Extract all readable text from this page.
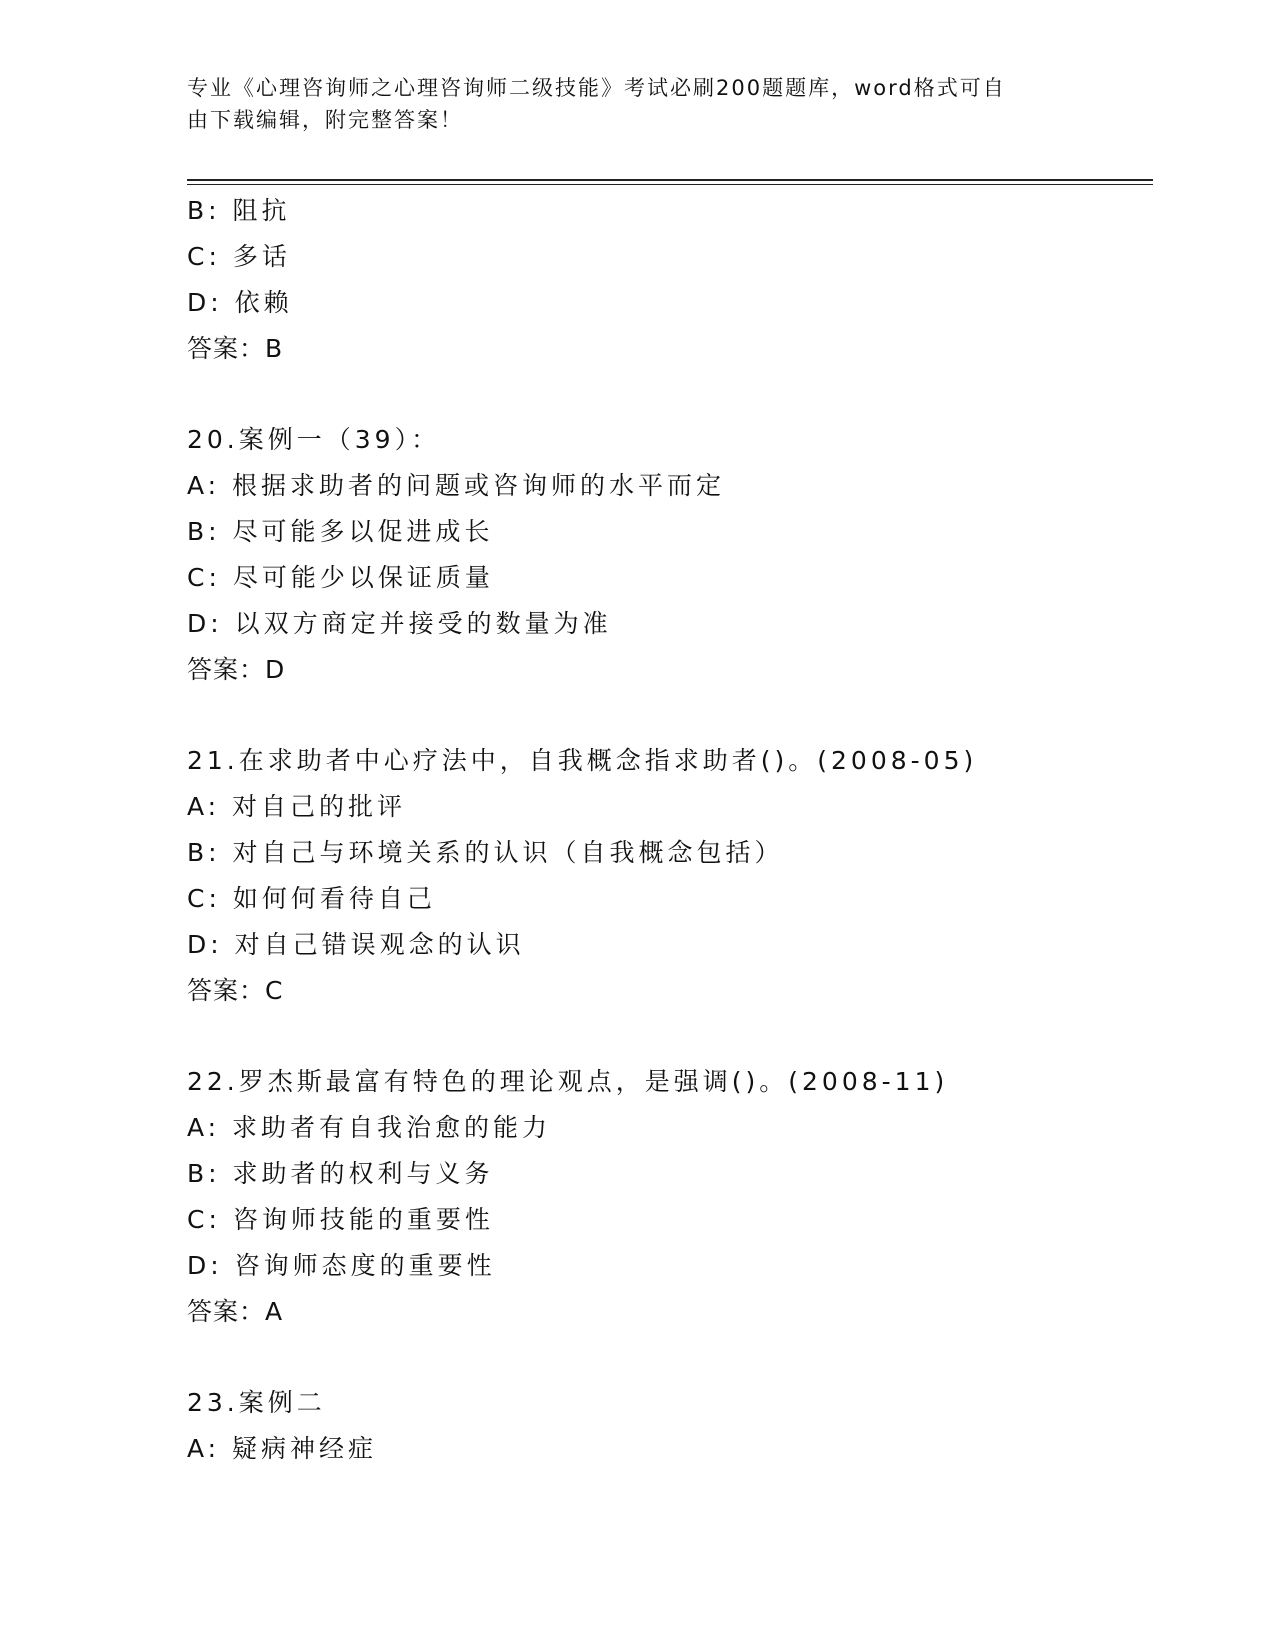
专业《心理咨询师之心理咨询师二级技能》考试必刷200题题库，word格式可自
由下载编辑，附完整答案！
B: 阻抗
C: 多话
D: 依赖
答案：B
20.案例一（39）：
A: 根据求助者的问题或咨询师的水平而定
B: 尽可能多以促进成长
C: 尽可能少以保证质量
D: 以双方商定并接受的数量为准
答案：D
21.在求助者中心疗法中，自我概念指求助者()。(2008-05)
A: 对自己的批评
B: 对自己与环境关系的认识（自我概念包括）
C: 如何何看待自己
D: 对自己错误观念的认识
答案：C
22.罗杰斯最富有特色的理论观点，是强调()。(2008-11)
A: 求助者有自我治愈的能力
B: 求助者的权利与义务
C: 咨询师技能的重要性
D: 咨询师态度的重要性
答案：A
23.案例二
A: 疑病神经症
